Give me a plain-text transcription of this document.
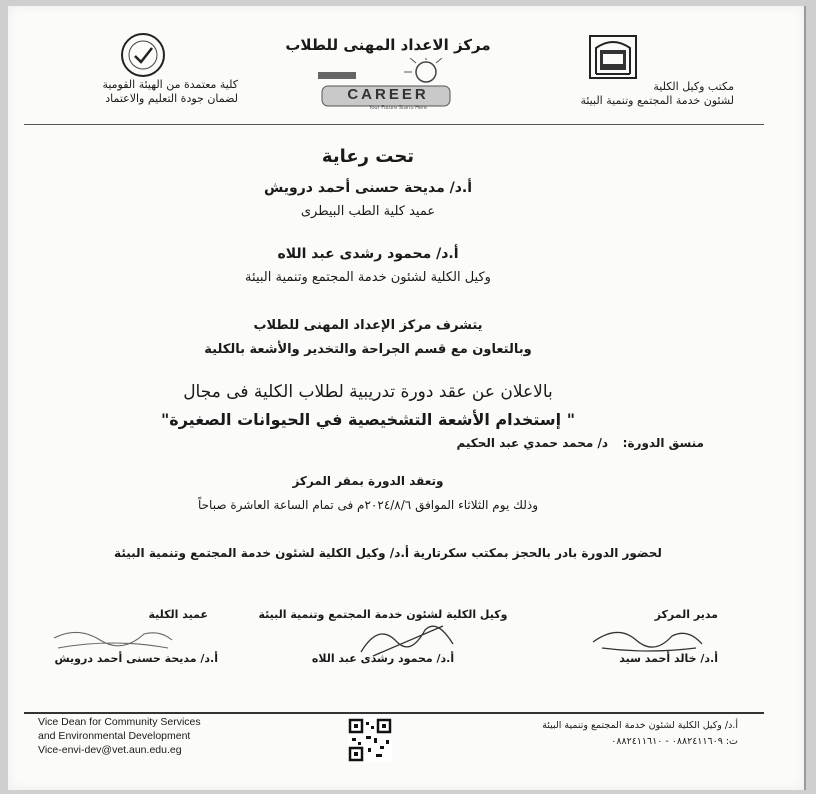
مكتب وكيل الكلية
لشئون خدمة المجتمع وتنمية البيئة
مركز الاعداد المهنى للطلاب
CAREER
Your Future Starts Here
كلية معتمدة من الهيئة القومية
لضمان جودة التعليم والاعتماد
تحت رعاية
أ.د/ مديحة حسنى أحمد درويش
عميد كلية الطب البيطرى
أ.د/ محمود رشدى عبد اللاه
وكيل الكلية لشئون خدمة المجتمع وتنمية البيئة
يتشرف مركز الإعداد المهنى للطلاب
وبالتعاون مع قسم الجراحة والتخدير والأشعة بالكلية
بالاعلان عن عقد دورة تدريبية لطلاب الكلية فى مجال
" إستخدام الأشعة التشخيصية في الحيوانات الصغيرة"
منسق الدورة:
د/ محمد حمدي عبد الحكيم
وتعقد الدورة بمقر المركز
وذلك يوم الثلاثاء الموافق ٢٠٢٤/٨/٦م فى تمام الساعة العاشرة صباحاً
لحضور الدورة بادر بالحجز بمكتب سكرتارية أ.د/ وكيل الكلية لشئون خدمة المجتمع وتنمية البيئة
مدير المركز
أ.د/ خالد أحمد سيد
وكيل الكلية لشئون خدمة المجتمع وتنمية البيئة
أ.د/ محمود رشدى عبد اللاه
عميد الكلية
أ.د/ مديحة حسنى أحمد درويش
Vice Dean for Community Services
and Environmental Development
Vice-envi-dev@vet.aun.edu.eg
أ.د/ وكيل الكلية لشئون خدمة المجتمع وتنمية البيئة
ت: ٠٨٨٢٤١١٦٠٩ - ٠٨٨٢٤١١٦١٠
